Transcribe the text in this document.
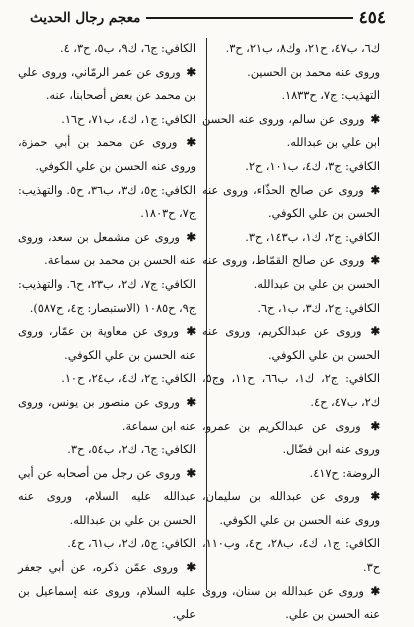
٤٥٤
معجم رجال الحديث

ك٦، ب٤٧، ح٢١، وك٨، ب٢١، ح٣.

وروى عنه محمد بن الحسين.

التهذيب: ج٧، ح١٨٣٣.

✱ وروى عن سالم، وروى عنه الحسن ابن علي بن عبدالله.

الكافي: ج٣، ك٤، ب١٠١، ح٢.

✱ وروى عن صالح الحذّاء، وروى عنه الحسن بن علي الكوفي.

الكافي: ج٢، ك١، ب١٤٣، ح٣.

✱ وروى عن صالح القمّاط، وروى عنه الحسن بن علي بن عبدالله.

الكافي: ج٢، ك٣، ب١، ح٦.

✱ وروى عن عبدالكريم، وروى عنه الحسن بن علي الكوفي.

الكافي: ج٢، ك١، ب٦٦، ح١١، وج٥، ك٢، ب٤٧، ح٤.

✱ وروى عن عبدالكريم بن عمرو، وروى عنه ابن فضّال.

الروضة: ح٤١٧.

✱ وروى عن عبدالله بن سليمان، وروى عنه الحسن بن علي الكوفي.

الكافي: ج١، ك٤، ب٢٨، ح٤، وب١١٠، ح٣.

✱ وروى عن عبدالله بن سنان، وروى عنه الحسن بن علي.

الكافي: ج٦، ك٩، ب٥، ح٣، ٤.

✱ وروى عن عمر الرمّاني، وروى علي بن محمد عن بعض أصحابنا، عنه.

الكافي: ج١، ك٤، ب٧١، ح١٦.

✱ وروى عن محمد بن أبي حمزة، وروى عنه الحسن بن علي الكوفي.

الكافي: ج٥، ك٣، ب٣٦، ح٥. والتهذيب: ج٧، ح١٨٠٣.

✱ وروى عن مشمعل بن سعد، وروى عنه الحسن بن محمد بن سماعة.

الكافي: ج٧، ك٢، ب٢٣، ح٦. والتهذيب: ج٩، ح١٠٨٥ (الاستبصار: ج٤، ح٥٨٧).

✱ وروى عن معاوية بن عمّار، وروى عنه الحسن بن علي الكوفي.

الكافي: ج٢، ك٤، ب٢٤، ح١٠.

✱ وروى عن منصور بن يونس، وروى عنه ابن سماعة.

الكافي: ج٦، ك٢، ب٥٤، ح٣.

✱ وروى عن رجل من أصحابه عن أبي عبدالله عليه السلام، وروى عنه الحسن بن علي بن عبدالله.

الكافي: ج٥، ك٢، ب٦١، ح٤.

✱ وروى عمّن ذكره، عن أبي جعفر عليه السلام، وروى عنه إسماعيل بن علي.
